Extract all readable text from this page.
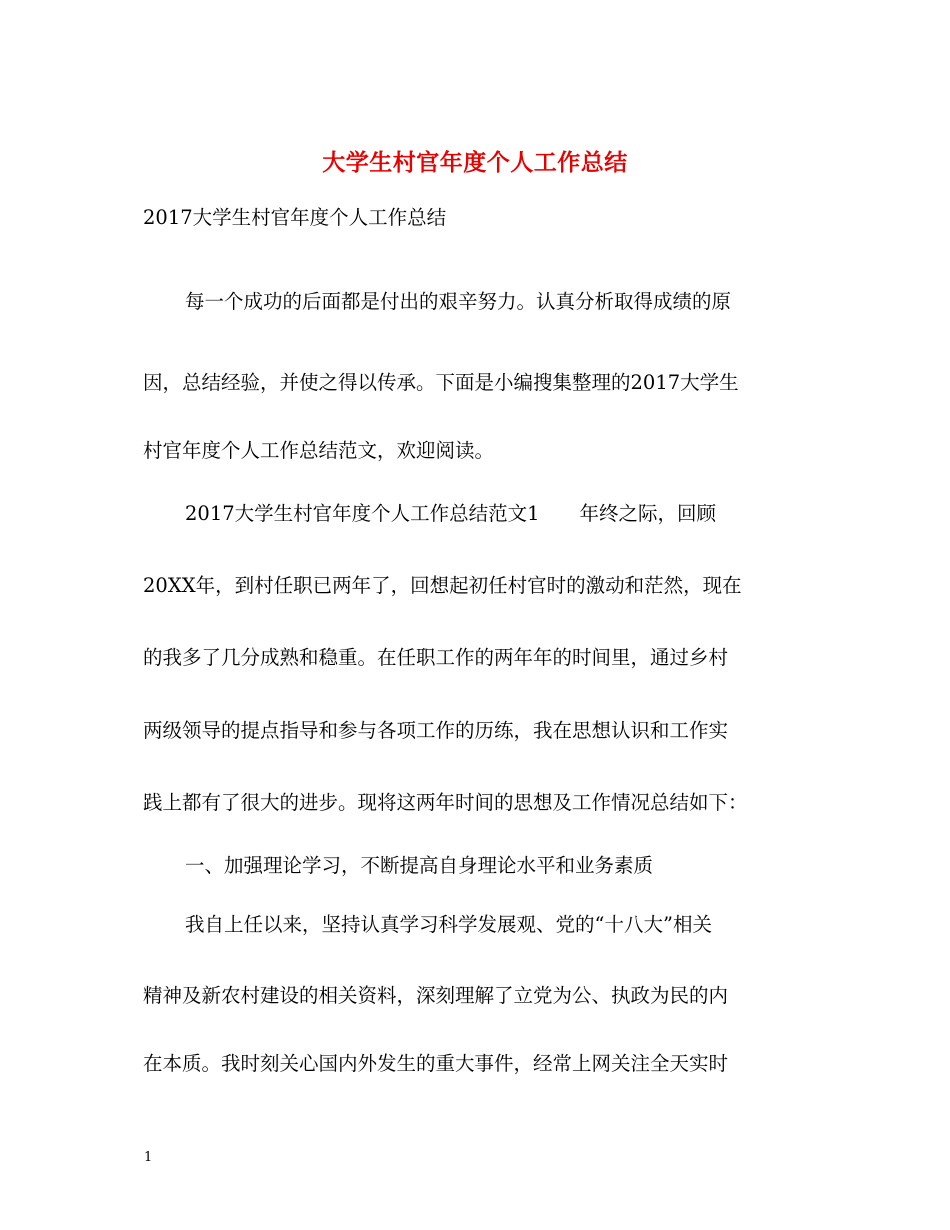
大学生村官年度个人工作总结
2017大学生村官年度个人工作总结
每一个成功的后面都是付出的艰辛努力。认真分析取得成绩的原
因，总结经验，并使之得以传承。下面是小编搜集整理的2017大学生
村官年度个人工作总结范文，欢迎阅读。
2017大学生村官年度个人工作总结范文1 年终之际，回顾
20XX年，到村任职已两年了，回想起初任村官时的激动和茫然，现在
的我多了几分成熟和稳重。在任职工作的两年年的时间里，通过乡村
两级领导的提点指导和参与各项工作的历练，我在思想认识和工作实
践上都有了很大的进步。现将这两年时间的思想及工作情况总结如下：
一、加强理论学习，不断提高自身理论水平和业务素质
我自上任以来，坚持认真学习科学发展观、党的“十八大”相关
精神及新农村建设的相关资料，深刻理解了立党为公、执政为民的内
在本质。我时刻关心国内外发生的重大事件，经常上网关注全天实时
1
